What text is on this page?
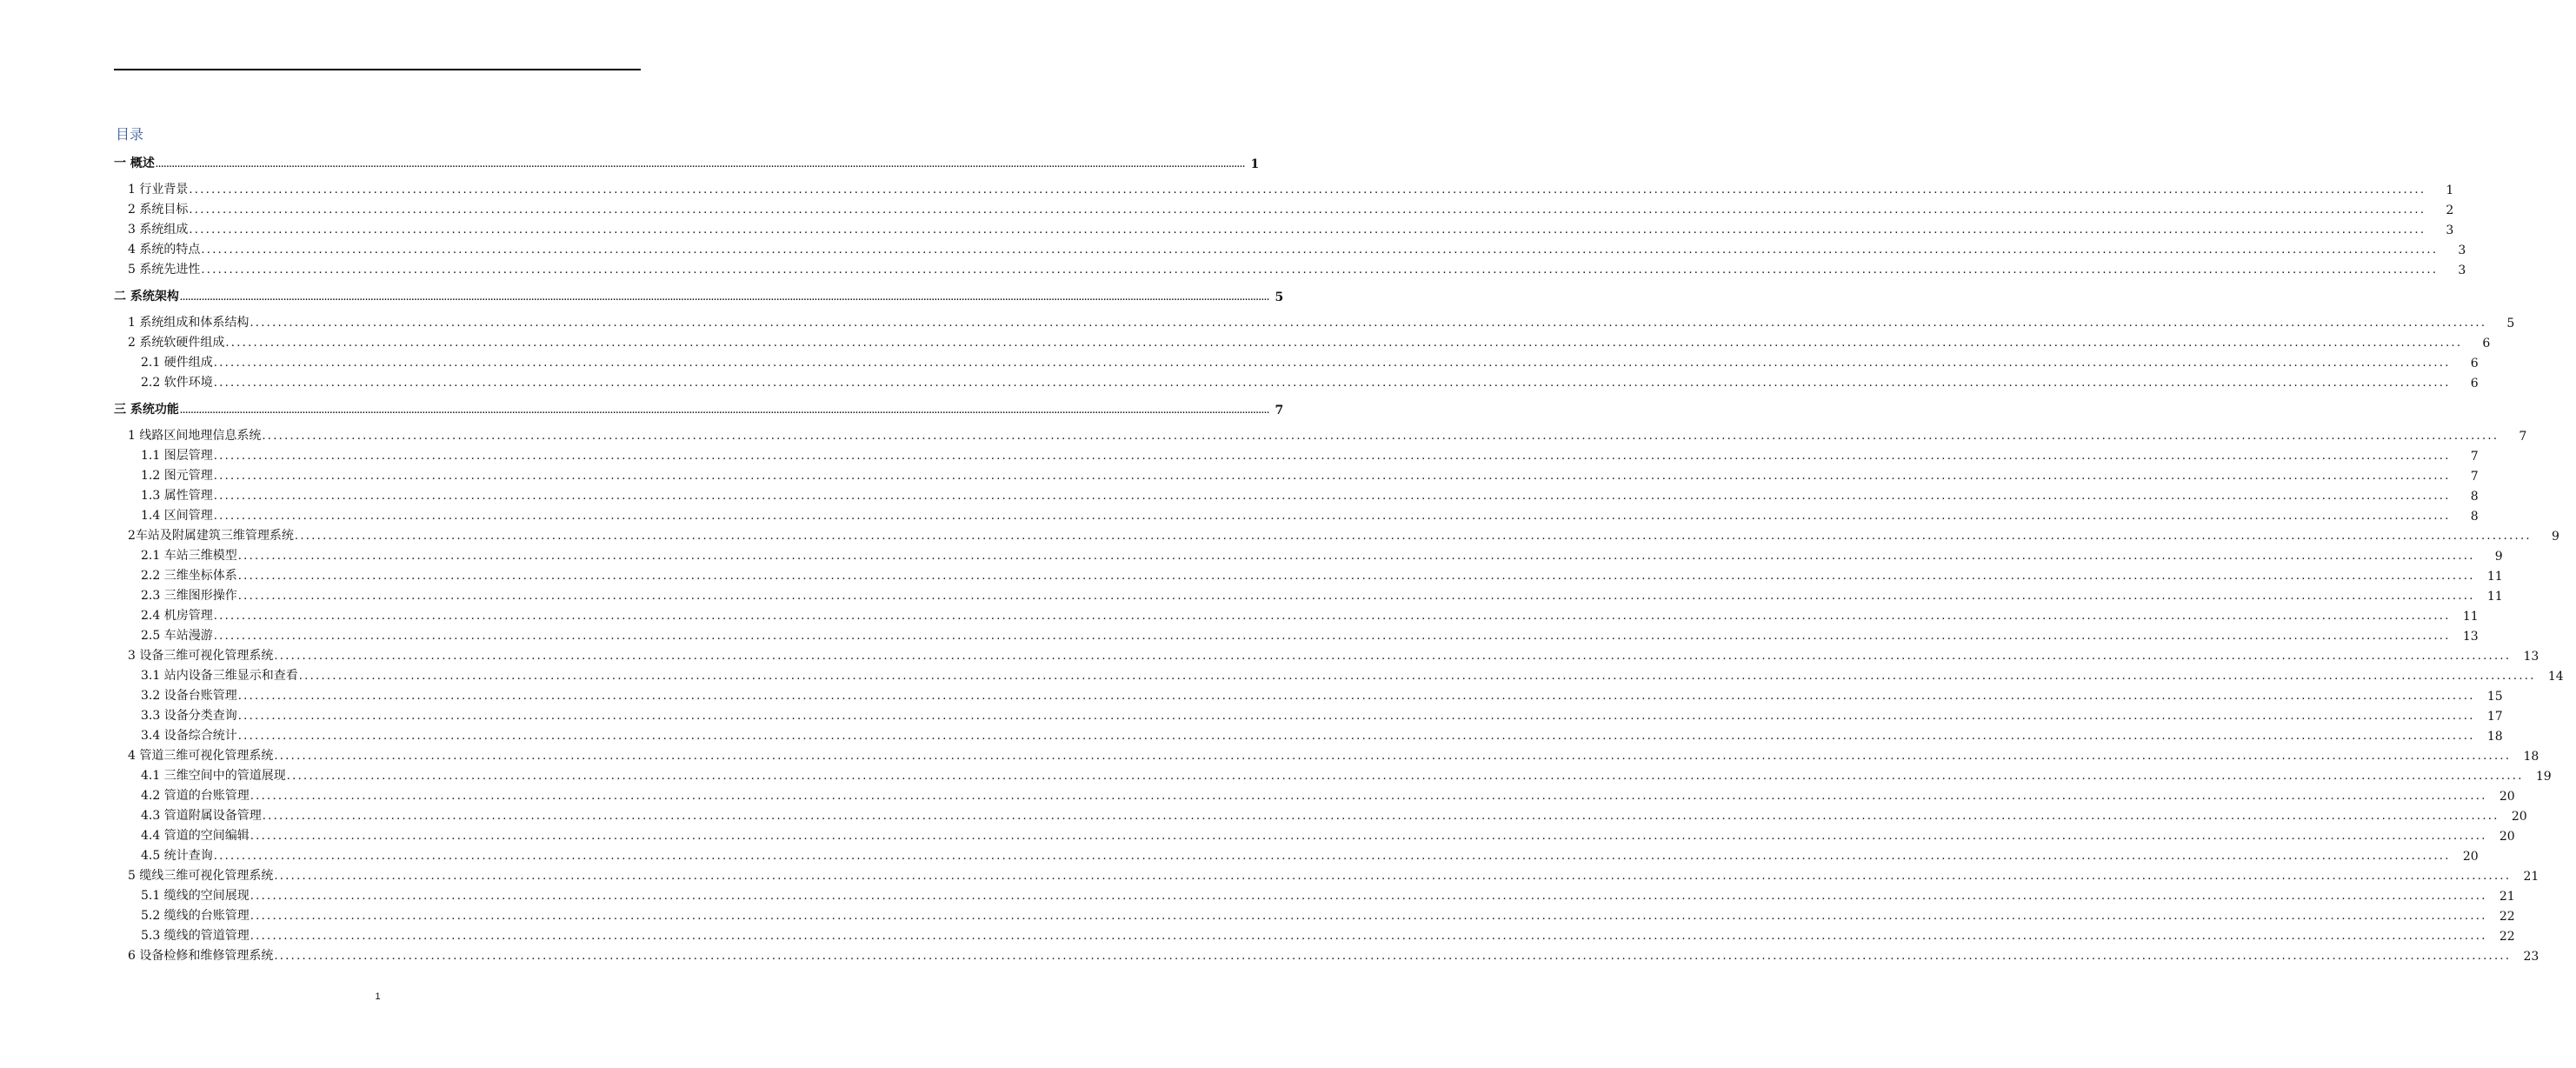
目录
一 概述 ................................................................................................................................................................................................................................................................................................................................................................................................................ 1
1 行业背景 ................................................................................................................................................................................................................................................................................................................................................................................................................	1
2 系统目标 ................................................................................................................................................................................................................................................................................................................................................................................................................	2
3 系统组成 ................................................................................................................................................................................................................................................................................................................................................................................................................	3
4 系统的特点 ................................................................................................................................................................................................................................................................................................................................................................................................................	3
5 系统先进性 ................................................................................................................................................................................................................................................................................................................................................................................................................	3
二 系统架构 ................................................................................................................................................................................................................................................................................................................................................................................................................ 5
1 系统组成和体系结构 ................................................................................................................................................................................................................................................................................................................................................................................................................	5
2 系统软硬件组成 ................................................................................................................................................................................................................................................................................................................................................................................................................	6
2.1 硬件组成 ................................................................................................................................................................................................................................................................................................................................................................................................................	6
2.2 软件环境 ................................................................................................................................................................................................................................................................................................................................................................................................................	6
三 系统功能 ................................................................................................................................................................................................................................................................................................................................................................................................................ 7
1 线路区间地理信息系统 ................................................................................................................................................................................................................................................................................................................................................................................................................	7
1.1 图层管理 ................................................................................................................................................................................................................................................................................................................................................................................................................	7
1.2 图元管理 ................................................................................................................................................................................................................................................................................................................................................................................................................	7
1.3 属性管理 ................................................................................................................................................................................................................................................................................................................................................................................................................	8
1.4 区间管理 ................................................................................................................................................................................................................................................................................................................................................................................................................	8
2车站及附属建筑三维管理系统 ................................................................................................................................................................................................................................................................................................................................................................................................................	9
2.1 车站三维模型 ................................................................................................................................................................................................................................................................................................................................................................................................................	9
2.2 三维坐标体系 ................................................................................................................................................................................................................................................................................................................................................................................................................	11
2.3 三维图形操作 ................................................................................................................................................................................................................................................................................................................................................................................................................	11
2.4 机房管理 ................................................................................................................................................................................................................................................................................................................................................................................................................	11
2.5 车站漫游 ................................................................................................................................................................................................................................................................................................................................................................................................................	13
3 设备三维可视化管理系统 ................................................................................................................................................................................................................................................................................................................................................................................................................	13
3.1 站内设备三维显示和查看 ................................................................................................................................................................................................................................................................................................................................................................................................................	14
3.2 设备台账管理 ................................................................................................................................................................................................................................................................................................................................................................................................................	15
3.3 设备分类查询 ................................................................................................................................................................................................................................................................................................................................................................................................................	17
3.4 设备综合统计 ................................................................................................................................................................................................................................................................................................................................................................................................................	18
4 管道三维可视化管理系统 ................................................................................................................................................................................................................................................................................................................................................................................................................	18
4.1 三维空间中的管道展现 ................................................................................................................................................................................................................................................................................................................................................................................................................	19
4.2 管道的台账管理 ................................................................................................................................................................................................................................................................................................................................................................................................................	20
4.3 管道附属设备管理 ................................................................................................................................................................................................................................................................................................................................................................................................................	20
4.4 管道的空间编辑 ................................................................................................................................................................................................................................................................................................................................................................................................................	20
4.5 统计查询 ................................................................................................................................................................................................................................................................................................................................................................................................................	20
5 缆线三维可视化管理系统 ................................................................................................................................................................................................................................................................................................................................................................................................................	21
5.1 缆线的空间展现 ................................................................................................................................................................................................................................................................................................................................................................................................................	21
5.2 缆线的台账管理 ................................................................................................................................................................................................................................................................................................................................................................................................................	22
5.3 缆线的管道管理 ................................................................................................................................................................................................................................................................................................................................................................................................................	22
6 设备检修和维修管理系统 ................................................................................................................................................................................................................................................................................................................................................................................................................	23
1
